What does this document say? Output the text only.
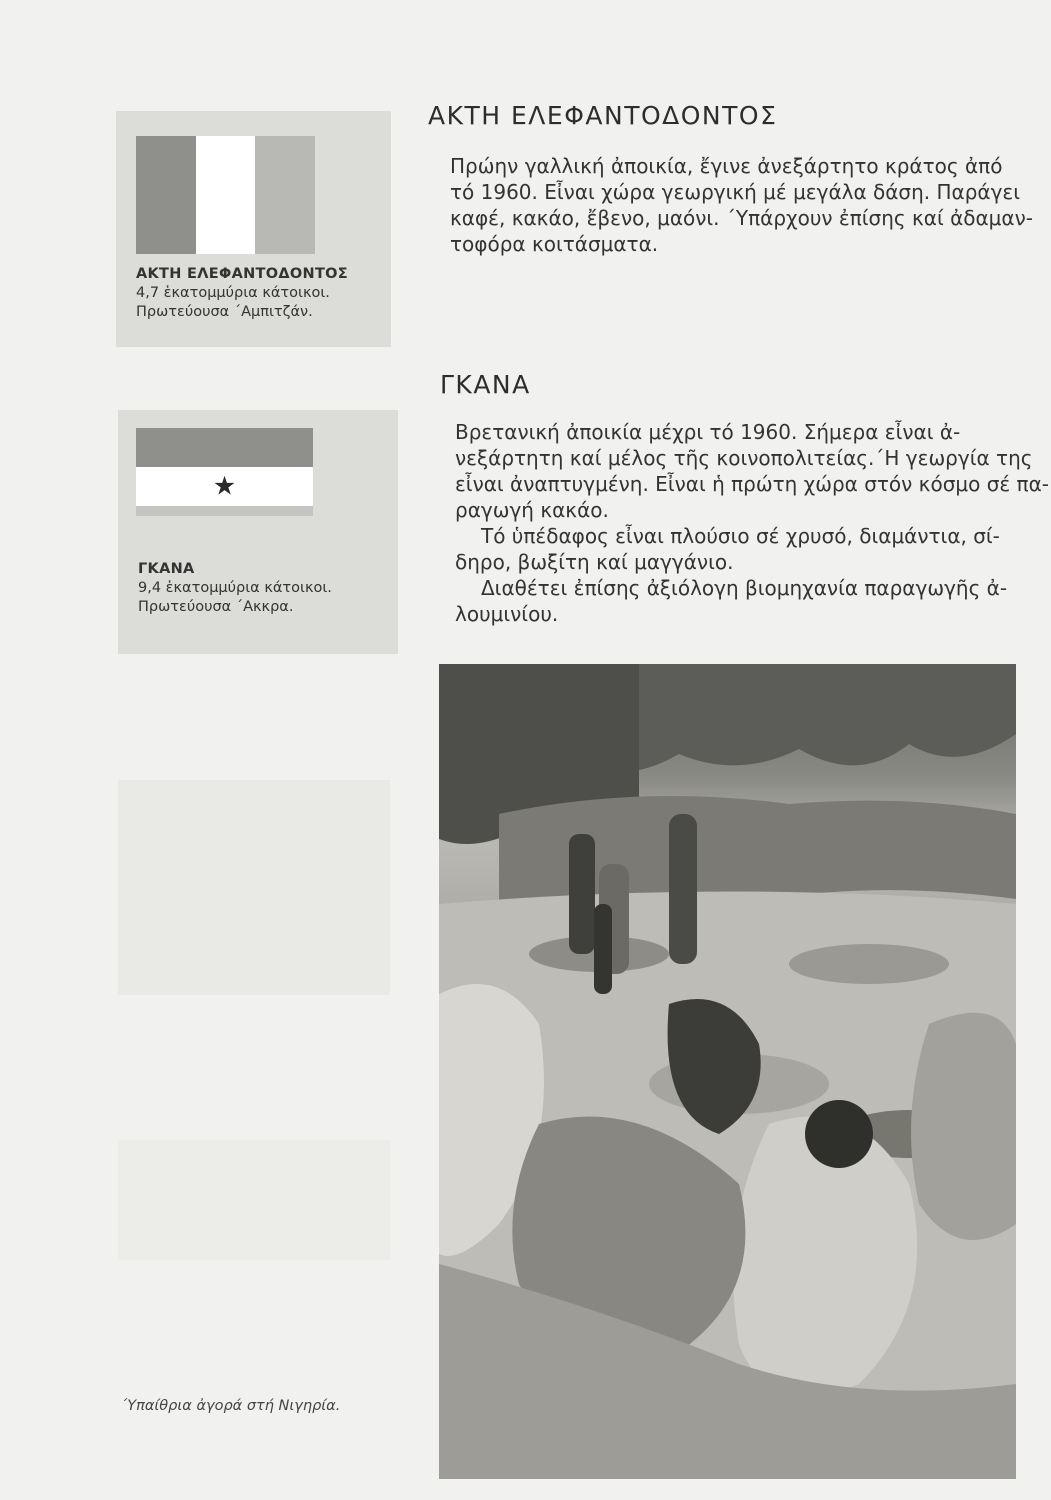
ΑΚΤΗ ΕΛΕΦΑΝΤΟΔΟΝΤΟΣ
4,7 ἑκατομμύρια κάτοικοι.
Πρωτεύουσα ΄Αμπιτζάν.
★
ΓΚΑΝΑ
9,4 ἑκατομμύρια κάτοικοι.
Πρωτεύουσα ΄Ακκρα.
ΑΚΤΗ ΕΛΕΦΑΝΤΟΔΟΝΤΟΣ
Πρώην γαλλική ἀποικία, ἔγινε ἀνεξάρτητο κράτος ἀπό
τό 1960. Εἶναι χώρα γεωργική μέ μεγάλα δάση. Παράγει
καφέ, κακάο, ἔβενο, μαόνι. ΄Υπάρχουν ἐπίσης καί ἀδαμαν-
τοφόρα κοιτάσματα.
ΓΚΑΝΑ
Βρετανική ἀποικία μέχρι τό 1960. Σήμερα εἶναι ἀ-
νεξάρτητη καί μέλος τῆς κοινοπολιτείας.΄Η γεωργία της
εἶναι ἀναπτυγμένη. Εἶναι ἡ πρώτη χώρα στόν κόσμο σέ πα-
ραγωγή κακάο.
Τό ὑπέδαφος εἶναι πλούσιο σέ χρυσό, διαμάντια, σί-
δηρο, βωξίτη καί μαγγάνιο.
Διαθέτει ἐπίσης ἀξιόλογη βιομηχανία παραγωγῆς ἀ-
λουμινίου.
΄Υπαίθρια ἀγορά στή Νιγηρία.
